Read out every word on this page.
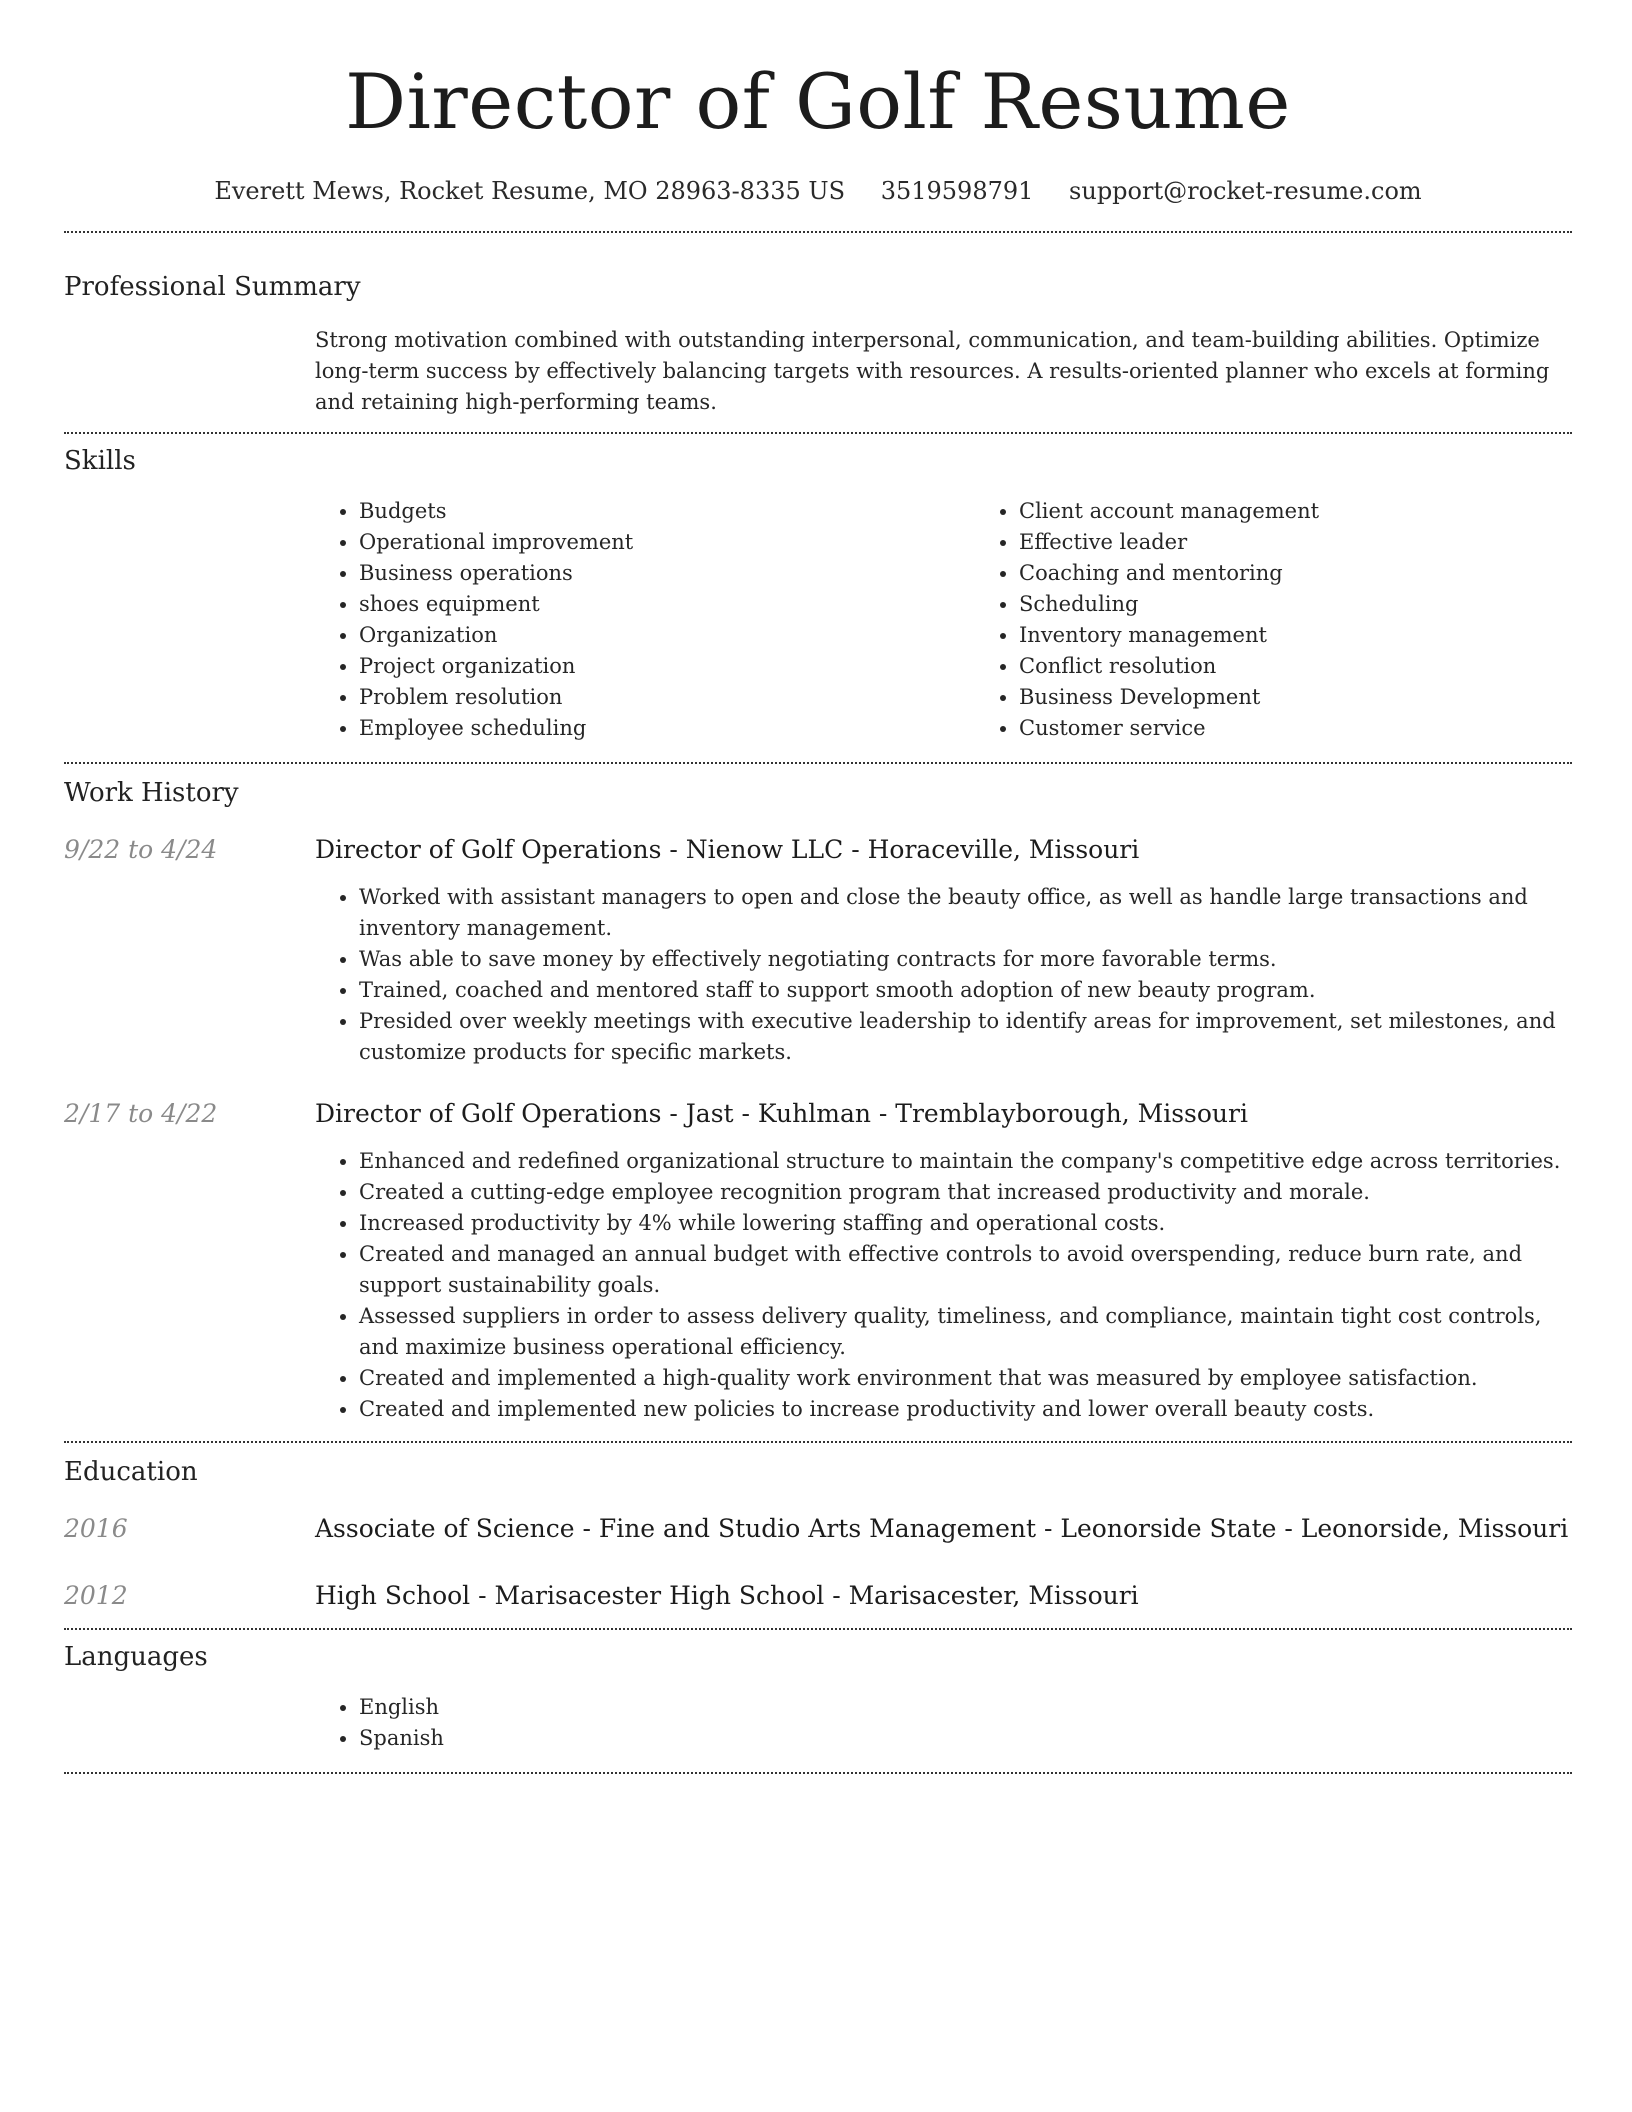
Director of Golf Resume
Everett Mews, Rocket Resume, MO 28963-8335 US 3519598791 support@rocket-resume.com
Professional Summary
Strong motivation combined with outstanding interpersonal, communication, and team-building abilities. Optimize long-term success by effectively balancing targets with resources. A results-oriented planner who excels at forming and retaining high-performing teams.
Skills
• Budgets
• Operational improvement
• Business operations
• shoes equipment
• Organization
• Project organization
• Problem resolution
• Employee scheduling
• Client account management
• Effective leader
• Coaching and mentoring
• Scheduling
• Inventory management
• Conflict resolution
• Business Development
• Customer service
Work History
9/22 to 4/24	Director of Golf Operations - Nienow LLC - Horaceville, Missouri
• Worked with assistant managers to open and close the beauty office, as well as handle large transactions and inventory management.
• Was able to save money by effectively negotiating contracts for more favorable terms.
• Trained, coached and mentored staff to support smooth adoption of new beauty program.
• Presided over weekly meetings with executive leadership to identify areas for improvement, set milestones, and customize products for specific markets.
2/17 to 4/22	Director of Golf Operations - Jast - Kuhlman - Tremblayborough, Missouri
• Enhanced and redefined organizational structure to maintain the company's competitive edge across territories.
• Created a cutting-edge employee recognition program that increased productivity and morale.
• Increased productivity by 4% while lowering staffing and operational costs.
• Created and managed an annual budget with effective controls to avoid overspending, reduce burn rate, and support sustainability goals.
• Assessed suppliers in order to assess delivery quality, timeliness, and compliance, maintain tight cost controls, and maximize business operational efficiency.
• Created and implemented a high-quality work environment that was measured by employee satisfaction.
• Created and implemented new policies to increase productivity and lower overall beauty costs.
Education
2016	Associate of Science - Fine and Studio Arts Management - Leonorside State - Leonorside, Missouri
2012	High School - Marisacester High School - Marisacester, Missouri
Languages
• English
• Spanish
